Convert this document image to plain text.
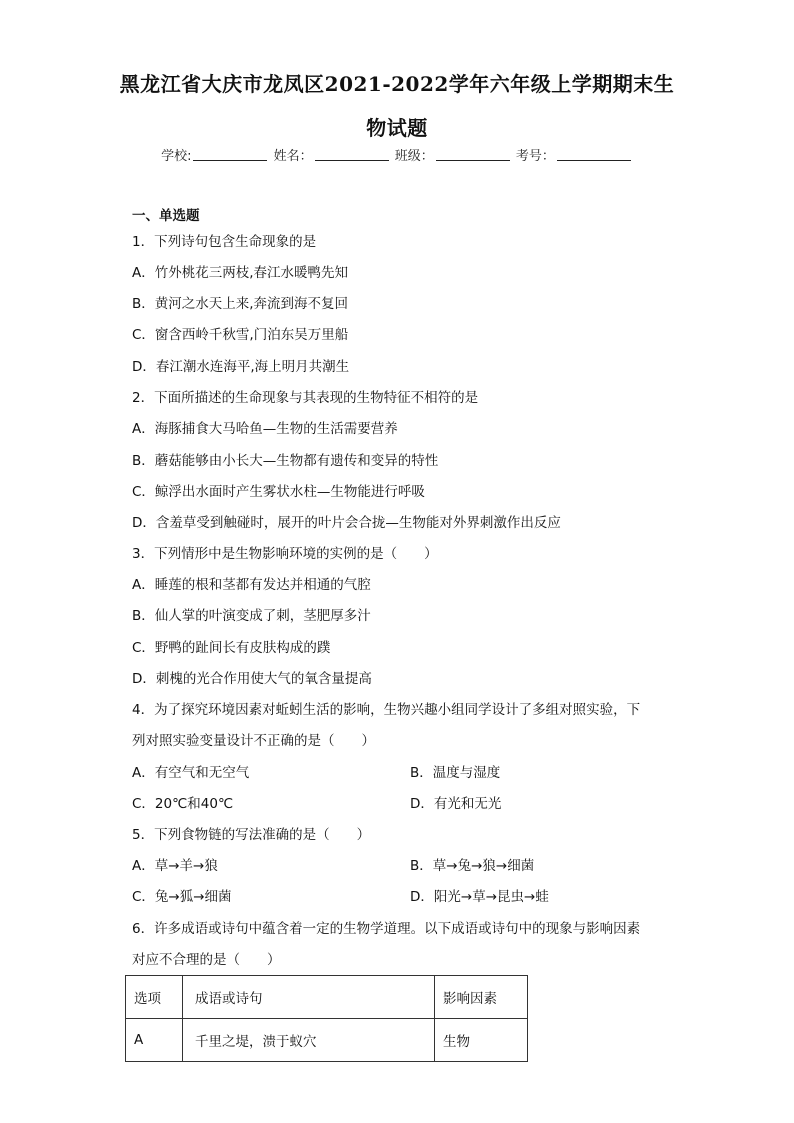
黑龙江省大庆市龙凤区2021-2022学年六年级上学期期末生
物试题
学校:	姓名：	班级：	考号：
一、单选题
1．下列诗句包含生命现象的是
A．竹外桃花三两枝,春江水暖鸭先知
B．黄河之水天上来,奔流到海不复回
C．窗含西岭千秋雪,门泊东吴万里船
D．春江潮水连海平,海上明月共潮生
2．下面所描述的生命现象与其表现的生物特征不相符的是
A．海豚捕食大马哈鱼—生物的生活需要营养
B．蘑菇能够由小长大—生物都有遗传和变异的特性
C．鲸浮出水面时产生雾状水柱—生物能进行呼吸
D．含羞草受到触碰时，展开的叶片会合拢—生物能对外界刺激作出反应
3．下列情形中是生物影响环境的实例的是（　　）
A．睡莲的根和茎都有发达并相通的气腔
B．仙人掌的叶演变成了刺，茎肥厚多汁
C．野鸭的趾间长有皮肤构成的蹼
D．刺槐的光合作用使大气的氧含量提高
4．为了探究环境因素对蚯蚓生活的影响，生物兴趣小组同学设计了多组对照实验，下
列对照实验变量设计不正确的是（　　）
A．有空气和无空气	B．温度与湿度
C．20℃和40℃	D．有光和无光
5．下列食物链的写法准确的是（　　）
A．草→羊→狼	B．草→兔→狼→细菌
C．兔→狐→细菌	D．阳光→草→昆虫→蛙
6．许多成语或诗句中蕴含着一定的生物学道理。以下成语或诗句中的现象与影响因素
对应不合理的是（　　）
选项	成语或诗句	影响因素
A	千里之堤，溃于蚁穴	生物
